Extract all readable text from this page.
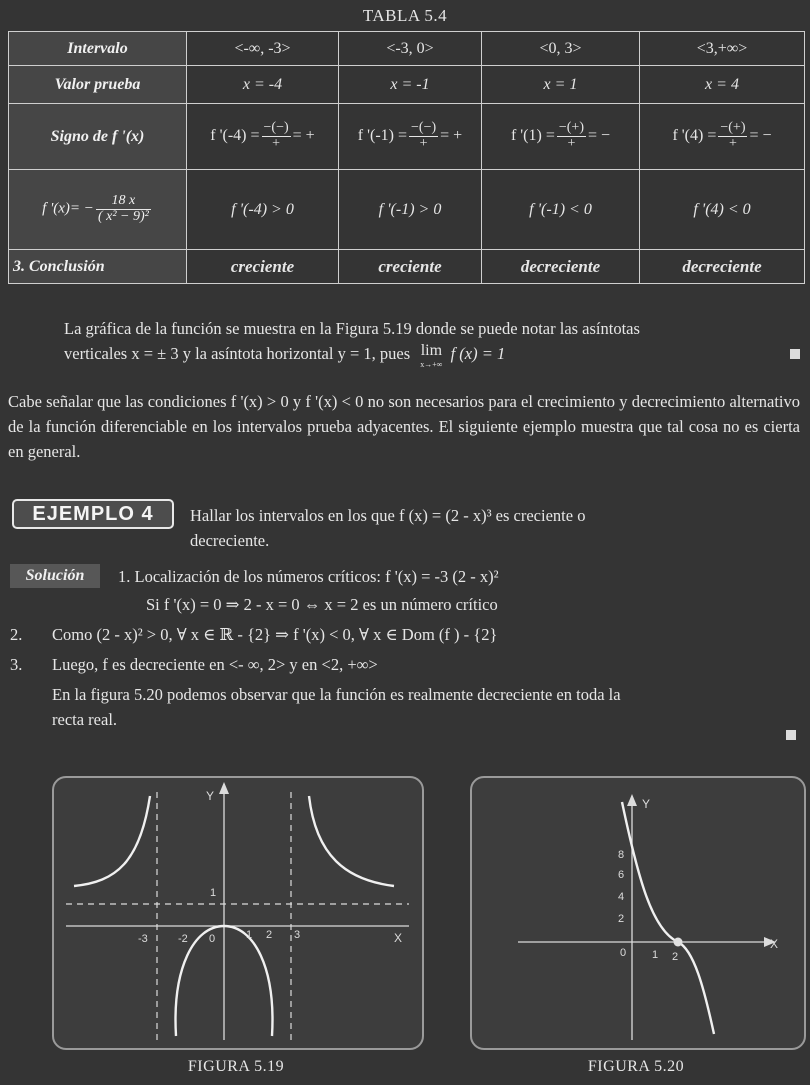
TABLA 5.4
Intervalo	<-∞, -3>	<-3, 0>	<0, 3>	<3,+∞>
Valor prueba	x = -4	x = -1	x = 1	x = 4
Signo de f '(x)	f '$(-4) = \frac{-(-)}{+}$ = +	f '$(-1) = \frac{-(-)}{+}$ = +	f '$(1) = \frac{-(+)}{+}$ = −	f '$(4) = \frac{-(+)}{+}$ = −
f '$(x)= - \frac{18 x}{\text{( x² − 9)²}}$	f '(-4) > 0	f '(-1) > 0	f '(-1) < 0	f '(4) < 0
3. Conclusión	creciente	creciente	decreciente	decreciente
La gráfica de la función se muestra en la Figura 5.19 donde se puede notar las asíntotas
verticales x = ± 3 y la asíntota horizontal y = 1, pues lim
x→+∞
f (x) = 1
Cabe señalar que las condiciones f '(x) > 0 y f '(x) < 0 no son necesarios para el crecimiento y decrecimiento alternativo de la función diferenciable en los intervalos prueba adyacentes. El siguiente ejemplo muestra que tal cosa no es cierta en general.
EJEMPLO 4	Hallar los intervalos en los que f (x) = (2 - x)³ es creciente o
decreciente.
Solución	1. Localización de los números críticos: f '(x) = -3 (2 - x)²
Si f '(x) = 0 ⇒ 2 - x = 0 ⇔ x = 2 es un número crítico
2. Como (2 - x)² > 0, ∀ x ∈ ℝ - {2} ⇒ f '(x) < 0, ∀ x ∈ Dom (f ) - {2}
3. Luego, f es decreciente en <- ∞, 2> y en <2, +∞>
En la figura 5.20 podemos observar que la función es realmente decreciente en toda la
recta real.
Y
X
-3	-2 0	1 2 3
1
FIGURA 5.19
Y
X
8
6
4
2
0 1 2
FIGURA 5.20
